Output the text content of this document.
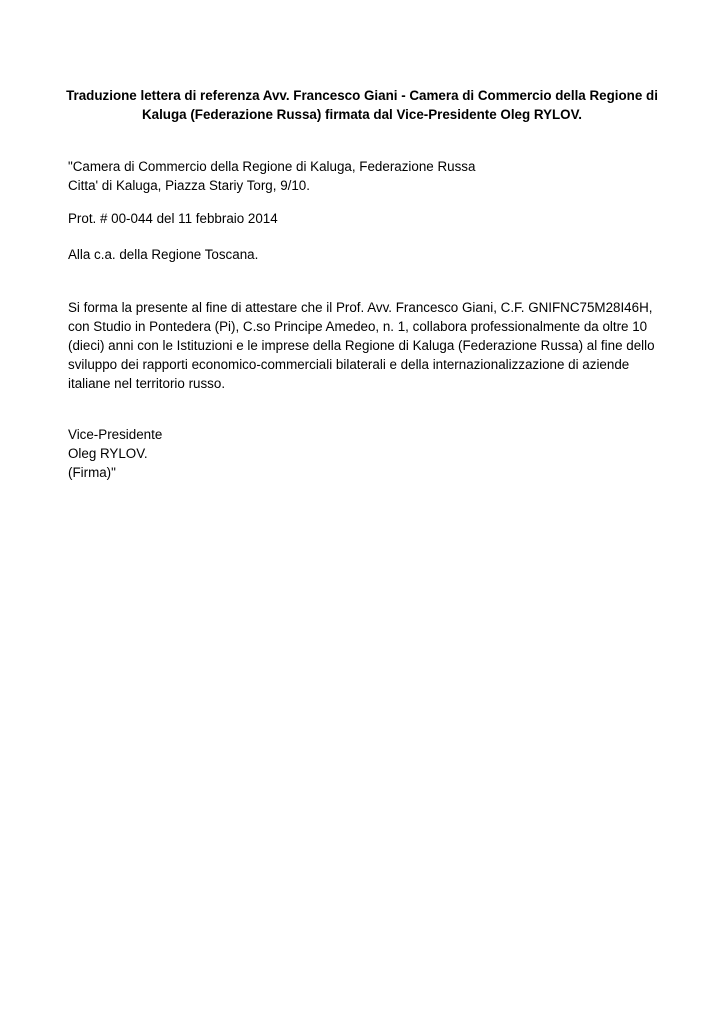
Traduzione lettera di referenza Avv. Francesco Giani - Camera di Commercio della Regione di
Kaluga (Federazione Russa) firmata dal Vice-Presidente Oleg RYLOV.
"Camera di Commercio della Regione di Kaluga, Federazione Russa
Citta' di Kaluga, Piazza Stariy Torg, 9/10.
Prot. # 00-044 del 11 febbraio 2014
Alla c.a. della Regione Toscana.
Si forma la presente al fine di attestare che il Prof. Avv. Francesco Giani, C.F. GNIFNC75M28I46H,
con Studio in Pontedera (Pi), C.so Principe Amedeo, n. 1, collabora professionalmente da oltre 10
(dieci) anni con le Istituzioni e le imprese della Regione di Kaluga (Federazione Russa) al fine dello
sviluppo dei rapporti economico-commerciali bilaterali e della internazionalizzazione di aziende
italiane nel territorio russo.
Vice-Presidente
Oleg RYLOV.
(Firma)"
